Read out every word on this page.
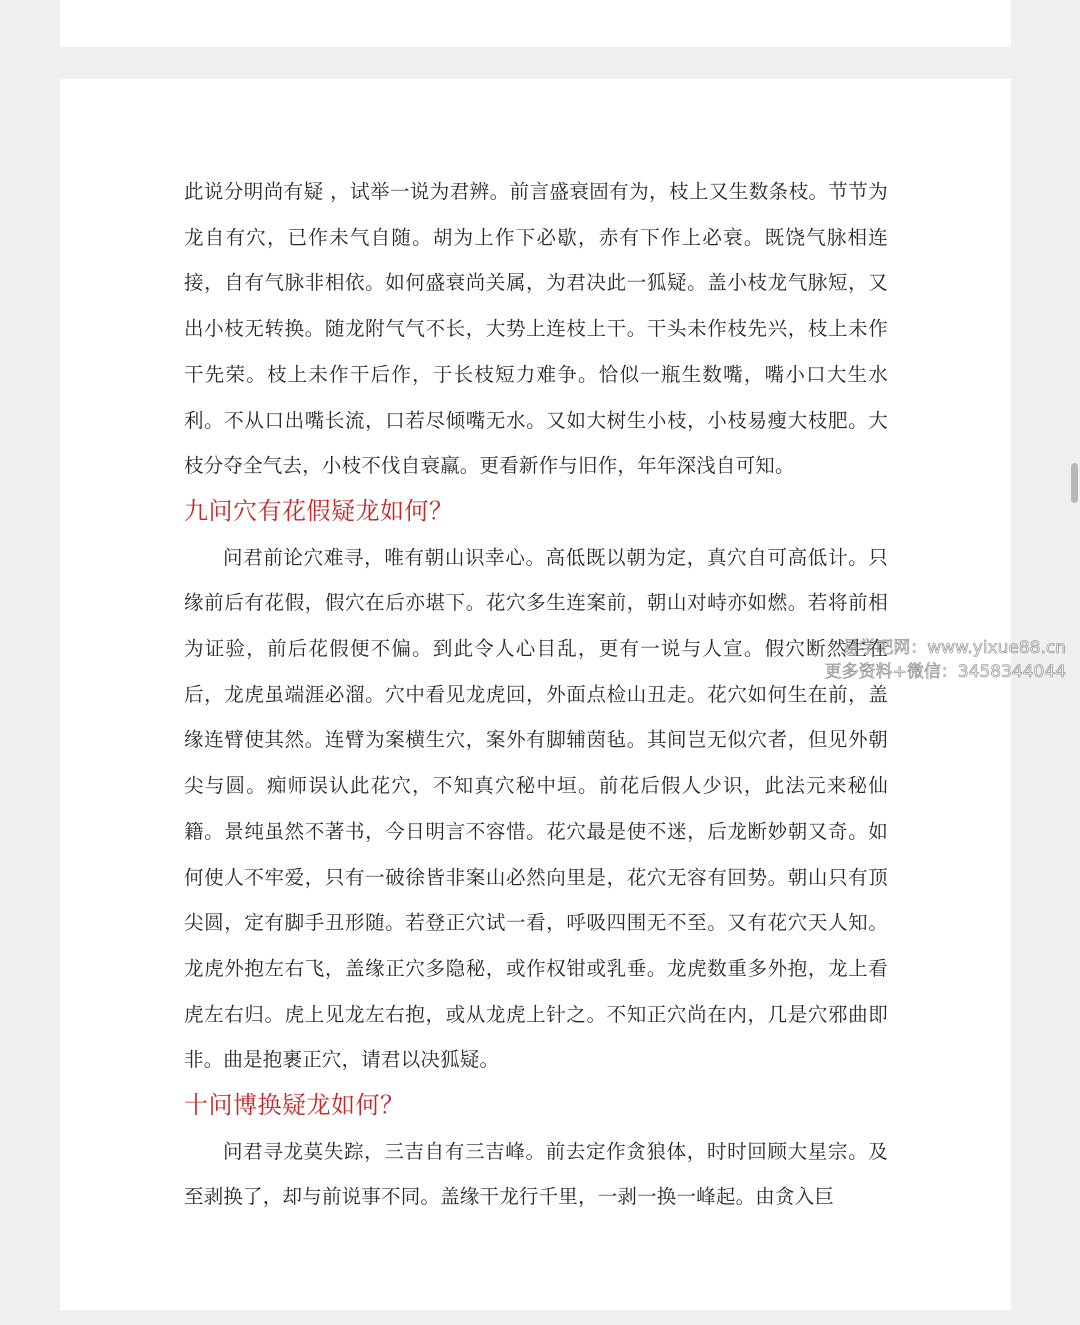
此说分明尚有疑 ，试举一说为君辨。前言盛衰固有为，枝上又生数条枝。节节为龙自有穴，已作未气自随。胡为上作下必歇，赤有下作上必衰。既饶气脉相连接，自有气脉非相依。如何盛衰尚关属，为君决此一狐疑。盖小枝龙气脉短，又出小枝无转换。随龙附气气不长，大势上连枝上干。干头未作枝先兴，枝上未作干先荣。枝上未作干后作，于长枝短力难争。恰似一瓶生数嘴，嘴小口大生水利。不从口出嘴长流，口若尽倾嘴无水。又如大树生小枝，小枝易瘦大枝肥。大枝分夺全气去，小枝不伐自衰羸。更看新作与旧作，年年深浅自可知。

九问穴有花假疑龙如何？

问君前论穴难寻，唯有朝山识幸心。高低既以朝为定，真穴自可高低计。只缘前后有花假，假穴在后亦堪下。花穴多生连案前，朝山对峙亦如燃。若将前相为证验，前后花假便不偏。到此令人心目乱，更有一说与人宣。假穴断然生在后，龙虎虽端涯必溜。穴中看见龙虎回，外面点检山丑走。花穴如何生在前，盖缘连臂使其然。连臂为案横生穴，案外有脚辅茵毡。其间岂无似穴者，但见外朝尖与圆。痴师误认此花穴，不知真穴秘中垣。前花后假人少识，此法元来秘仙籍。景纯虽然不著书，今日明言不容惜。花穴最是使不迷，后龙断妙朝又奇。如何使人不牢爱，只有一破徐皆非案山必然向里是，花穴无容有回势。朝山只有顶尖圆，定有脚手丑形随。若登正穴试一看，呼吸四围无不至。又有花穴天人知。龙虎外抱左右飞，盖缘正穴多隐秘，或作权钳或乳垂。龙虎数重多外抱，龙上看虎左右归。虎上见龙左右抱，或从龙虎上针之。不知正穴尚在内，几是穴邪曲即非。曲是抱裹正穴，请君以决狐疑。

十问博换疑龙如何？

问君寻龙莫失踪，三吉自有三吉峰。前去定作贪狼体，时时回顾大星宗。及至剥换了，却与前说事不同。盖缘干龙行千里，一剥一换一峰起。由贪入巨

易学吧网：www.yixue88.cn
更多资料+微信：3458344044
